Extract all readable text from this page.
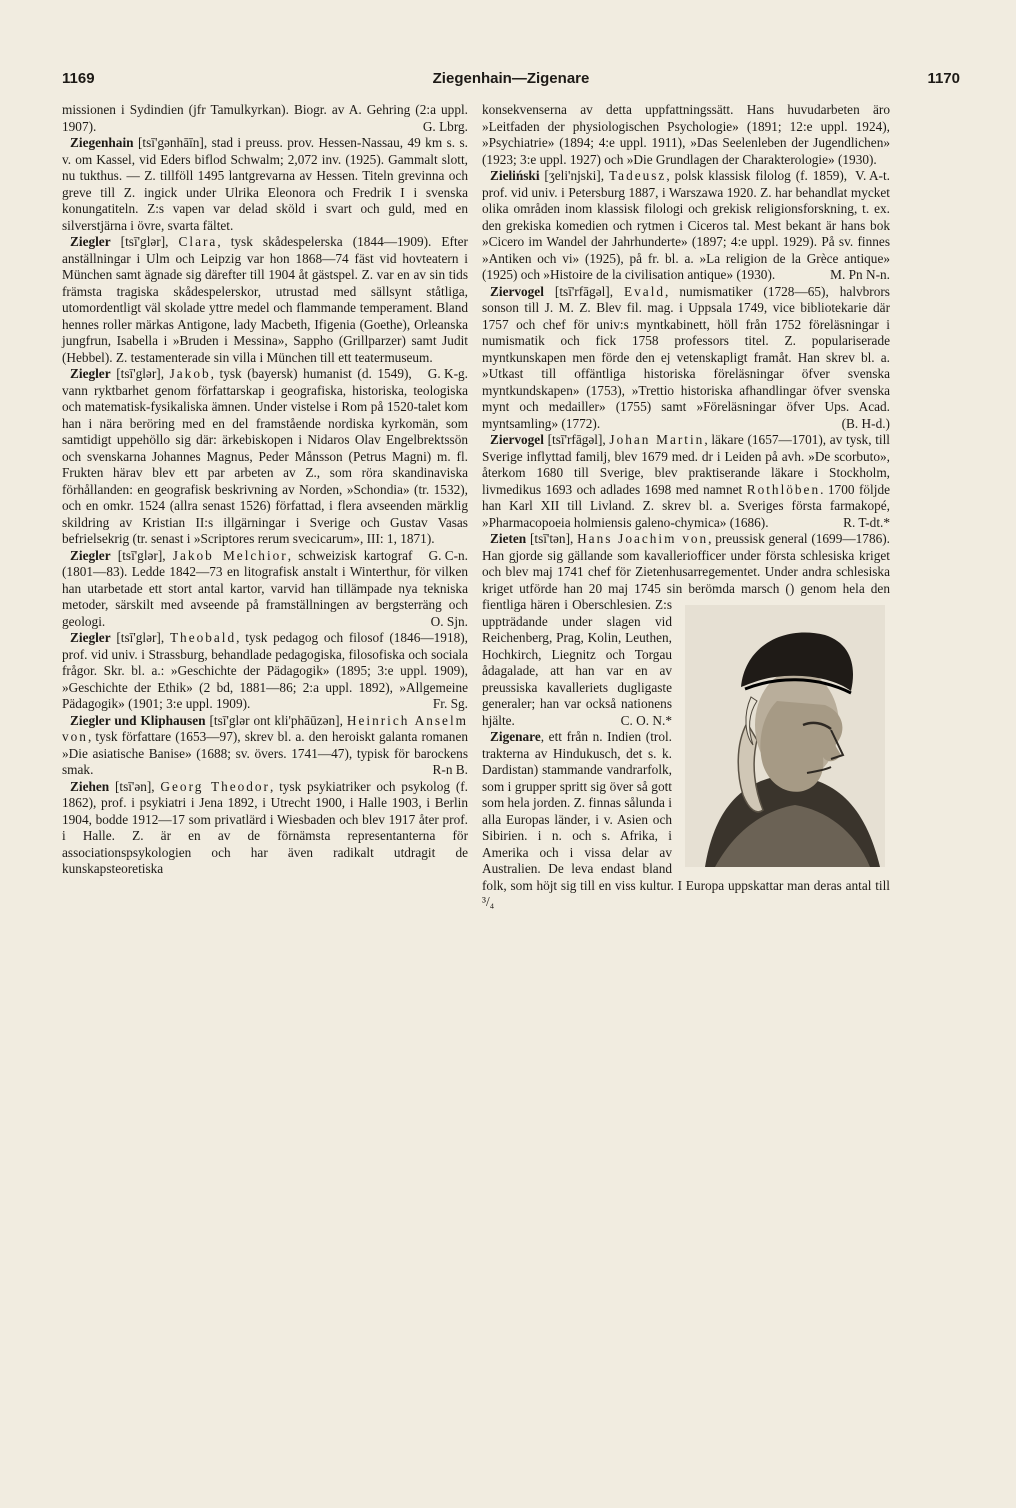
1169	Ziegenhain—Zigenare	1170

missionen i Sydindien (jfr Tamulkyrkan). Biogr. av A. Gehring (2:a uppl. 1907).	G. Lbrg.

Ziegenhain [tsī'gənhāīn], stad i preuss. prov. Hessen-Nassau, 49 km s. s. v. om Kassel, vid Eders biflod Schwalm; 2,072 inv. (1925). Gammalt slott, nu tukthus. — Z. tillföll 1495 lantgrevarna av Hessen. Titeln grevinna och greve till Z. ingick under Ulrika Eleonora och Fredrik I i svenska konungatiteln. Z:s vapen var delad sköld i svart och guld, med en silverstjärna i övre, svarta fältet.

Ziegler [tsī'glər], Clara, tysk skådespelerska (1844—1909). Efter anställningar i Ulm och Leipzig var hon 1868—74 fäst vid hovteatern i München samt ägnade sig därefter till 1904 åt gästspel. Z. var en av sin tids främsta tragiska skådespelerskor, utrustad med sällsynt ståtliga, utomordentligt väl skolade yttre medel och flammande temperament. Bland hennes roller märkas Antigone, lady Macbeth, Ifigenia (Goethe), Orleanska jungfrun, Isabella i »Bruden i Messina», Sappho (Grillparzer) samt Judit (Hebbel). Z. testamenterade sin villa i München till ett teatermuseum.
G. K-g.

Ziegler [tsī'glər], Jakob, tysk (bayersk) humanist (d. 1549), vann ryktbarhet genom författarskap i geografiska, historiska, teologiska och matematisk-fysikaliska ämnen. Under vistelse i Rom på 1520-talet kom han i nära beröring med en del framstående nordiska kyrkomän, som samtidigt uppehöllo sig där: ärkebiskopen i Nidaros Olav Engelbrektssön och svenskarna Johannes Magnus, Peder Månsson (Petrus Magni) m. fl. Frukten härav blev ett par arbeten av Z., som röra skandinaviska förhållanden: en geografisk beskrivning av Norden, »Schondia» (tr. 1532), och en omkr. 1524 (allra senast 1526) författad, i flera avseenden märklig skildring av Kristian II:s illgärningar i Sverige och Gustav Vasas befrielsekrig (tr. senast i »Scriptores rerum svecicarum», III: 1, 1871).
G. C-n.

Ziegler [tsī'glər], Jakob Melchior, schweizisk kartograf (1801—83). Ledde 1842—73 en litografisk anstalt i Winterthur, för vilken han utarbetade ett stort antal kartor, varvid han tillämpade nya tekniska metoder, särskilt med avseende på framställningen av bergsterräng och geologi.	O. Sjn.

Ziegler [tsī'glər], Theobald, tysk pedagog och filosof (1846—1918), prof. vid univ. i Strassburg, behandlade pedagogiska, filosofiska och sociala frågor. Skr. bl. a.: »Geschichte der Pädagogik» (1895; 3:e uppl. 1909), »Geschichte der Ethik» (2 bd, 1881—86; 2:a uppl. 1892), »Allgemeine Pädagogik» (1901; 3:e uppl. 1909).	Fr. Sg.

Ziegler und Kliphausen [tsī'glər ont kli'phāūzən], Heinrich Anselm von, tysk författare (1653—97), skrev bl. a. den heroiskt galanta romanen »Die asiatische Banise» (1688; sv. övers. 1741—47), typisk för barockens smak.	R-n B.

Ziehen [tsī'ən], Georg Theodor, tysk psykiatriker och psykolog (f. 1862), prof. i psykiatri i Jena 1892, i Utrecht 1900, i Halle 1903, i Berlin 1904, bodde 1912—17 som privatlärd i Wiesbaden och blev 1917 åter prof. i Halle. Z. är en av de förnämsta representanterna för associationspsykologien och har även radikalt utdragit de kunskapsteoretiska

konsekvenserna av detta uppfattningssätt. Hans huvudarbeten äro »Leitfaden der physiologischen Psychologie» (1891; 12:e uppl. 1924), »Psychiatrie» (1894; 4:e uppl. 1911), »Das Seelenleben der Jugendlichen» (1923; 3:e uppl. 1927) och »Die Grundlagen der Charakterologie» (1930).
V. A-t.

Zieliński [ʒeli'njski], Tadeusz, polsk klassisk filolog (f. 1859), prof. vid univ. i Petersburg 1887, i Warszawa 1920. Z. har behandlat mycket olika områden inom klassisk filologi och grekisk religionsforskning, t. ex. den grekiska komedien och rytmen i Ciceros tal. Mest bekant är hans bok »Cicero im Wandel der Jahrhunderte» (1897; 4:e uppl. 1929). På sv. finnes »Antiken och vi» (1925), på fr. bl. a. »La religion de la Grèce antique» (1925) och »Histoire de la civilisation antique» (1930).	M. Pn N-n.

Ziervogel [tsī'rfāgəl], Evald, numismatiker (1728—65), halvbrors sonson till J. M. Z. Blev fil. mag. i Uppsala 1749, vice bibliotekarie där 1757 och chef för univ:s myntkabinett, höll från 1752 föreläsningar i numismatik och fick 1758 professors titel. Z. populariserade myntkunskapen men förde den ej vetenskapligt framåt. Han skrev bl. a. »Utkast till offäntliga historiska föreläsningar öfver svenska myntkundskapen» (1753), »Trettio historiska afhandlingar öfver svenska mynt och medailler» (1755) samt »Föreläsningar öfver Ups. Acad. myntsamling» (1772).	(B. H-d.)

Ziervogel [tsī'rfāgəl], Johan Martin, läkare (1657—1701), av tysk, till Sverige inflyttad familj, blev 1679 med. dr i Leiden på avh. »De scorbuto», återkom 1680 till Sverige, blev praktiserande läkare i Stockholm, livmedikus 1693 och adlades 1698 med namnet Rothlöben. 1700 följde han Karl XII till Livland. Z. skrev bl. a. Sveriges första farmakopé, »Pharmacopoeia holmiensis galeno-chymica» (1686).	R. T-dt.*

Zieten [tsī'tən], Hans Joachim von, preussisk general (1699—1786). Han gjorde sig gällande som kavalleriofficer under första schlesiska kriget och blev maj 1741 chef för Zietenhusarregementet. Under andra schlesiska kriget utförde han 20 maj 1745 sin berömda marsch (
) genom hela den fientliga hären i Oberschlesien. Z:s uppträdande under slagen vid Reichenberg, Prag, Kolin, Leuthen, Hochkirch, Liegnitz och Torgau ådagalade, att han var en av preussiska kavalleriets dugligaste generaler; han var också nationens hjälte.	C. O. N.*

Zigenare, ett från n. Indien (trol. trakterna av Hindukusch, det s. k. Dardistan) stammande vandrarfolk, som i grupper spritt sig över så gott som hela jorden. Z. finnas sålunda i alla Europas länder, i v. Asien och Sibirien. i n. och s. Afrika, i Amerika och i vissa delar av Australien. De leva endast bland folk, som höjt sig till en viss kultur. I Europa uppskattar man deras antal till ³/₄
